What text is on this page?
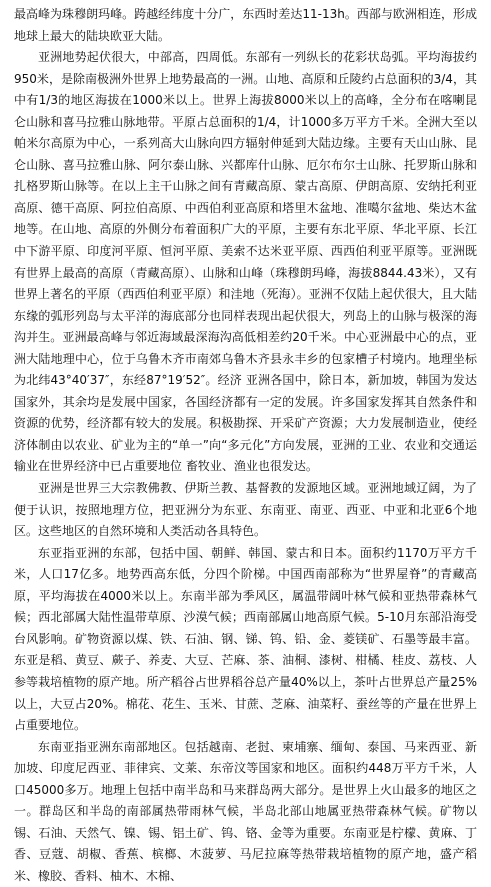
最高峰为珠穆朗玛峰。跨越经纬度十分广，东西时差达11-13h。西部与欧洲相连，形成地球上最大的陆块欧亚大陆。

亚洲地势起伏很大，中部高，四周低。东部有一列纵长的花彩状岛弧。平均海拔约950米，是除南极洲外世界上地势最高的一洲。山地、高原和丘陵约占总面积的3/4，其中有1/3的地区海拔在1000米以上。世界上海拔8000米以上的高峰，全分布在喀喇昆仑山脉和喜马拉雅山脉地带。平原占总面积的1/4，计1000多万平方千米。全洲大至以帕米尔高原为中心，一系列高大山脉向四方辐射伸延到大陆边缘。主要有天山山脉、昆仑山脉、喜马拉雅山脉、阿尔泰山脉、兴都库什山脉、厄尔布尔士山脉、托罗斯山脉和扎格罗斯山脉等。在以上主干山脉之间有青藏高原、蒙古高原、伊朗高原、安纳托利亚高原、德干高原、阿拉伯高原、中西伯利亚高原和塔里木盆地、准噶尔盆地、柴达木盆地等。在山地、高原的外侧分布着面积广大的平原，主要有东北平原、华北平原、长江中下游平原、印度河平原、恒河平原、美索不达米亚平原、西西伯利亚平原等。亚洲既有世界上最高的高原（青藏高原）、山脉和山峰（珠穆朗玛峰，海拔8844.43米），又有世界上著名的平原（西西伯利亚平原）和洼地（死海）。亚洲不仅陆上起伏很大，且大陆东缘的弧形列岛与太平洋的海底部分也同样表现出起伏很大，列岛上的山脉与极深的海沟并生。亚洲最高峰与邻近海域最深海沟高低相差约20千米。中心亚洲最中心的点，亚洲大陆地理中心，位于乌鲁木齐市南郊乌鲁木齐县永丰乡的包家槽子村境内。地理坐标为北纬43°40′37″，东经87°19′52″。经济 亚洲各国中，除日本，新加坡，韩国为发达国家外，其余均是发展中国家，各国经济都有一定的发展。许多国家发挥其自然条件和资源的优势，经济都有较大的发展。积极勘探、开采矿产资源；大力发展制造业，使经济体制由以农业、矿业为主的“单一”向“多元化”方向发展，亚洲的工业、农业和交通运输业在世界经济中已占重要地位 畜牧业、渔业也很发达。

亚洲是世界三大宗教佛教、伊斯兰教、基督教的发源地区域。亚洲地域辽阔，为了便于认识，按照地理方位，把亚洲分为东亚、东南亚、南亚、西亚、中亚和北亚6个地区。这些地区的自然环境和人类活动各具特色。

东亚指亚洲的东部，包括中国、朝鲜、韩国、蒙古和日本。面积约1170万平方千米，人口17亿多。地势西高东低，分四个阶梯。中国西南部称为“世界屋脊”的青藏高原，平均海拔在4000米以上。东南半部为季风区，属温带阔叶林气候和亚热带森林气候；西北部属大陆性温带草原、沙漠气候；西南部属山地高原气候。5-10月东部沿海受台风影响。矿物资源以煤、铁、石油、钢、锑、钨、铅、金、菱镁矿、石墨等最丰富。东亚是稻、黄豆、蕨子、养麦、大豆、芒麻、茶、油桐、漆树、柑橘、桂皮、荔枝、人参等栽培植物的原产地。所产稻谷占世界稻谷总产量40%以上，茶叶占世界总产量25%以上，大豆占20%。棉花、花生、玉米、甘蔗、芝麻、油菜籽、蚕丝等的产量在世界上占重要地位。

东南亚指亚洲东南部地区。包括越南、老挝、柬埔寨、缅甸、泰国、马来西亚、新加坡、印度尼西亚、菲律宾、文莱、东帝汶等国家和地区。面积约448万平方千米，人口45000多万。地理上包括中南半岛和马来群岛两大部分。是世界上火山最多的地区之一。群岛区和半岛的南部属热带雨林气候，半岛北部山地属亚热带森林气候。矿物以锡、石油、天然气、镍、锡、铝土矿、钨、铬、金等为重要。东南亚是柠檬、黄麻、丁香、豆蔻、胡椒、香蕉、槟榔、木菠萝、马尼拉麻等热带栽培植物的原产地，盛产稻米、橡胶、香料、柚木、木棉、
